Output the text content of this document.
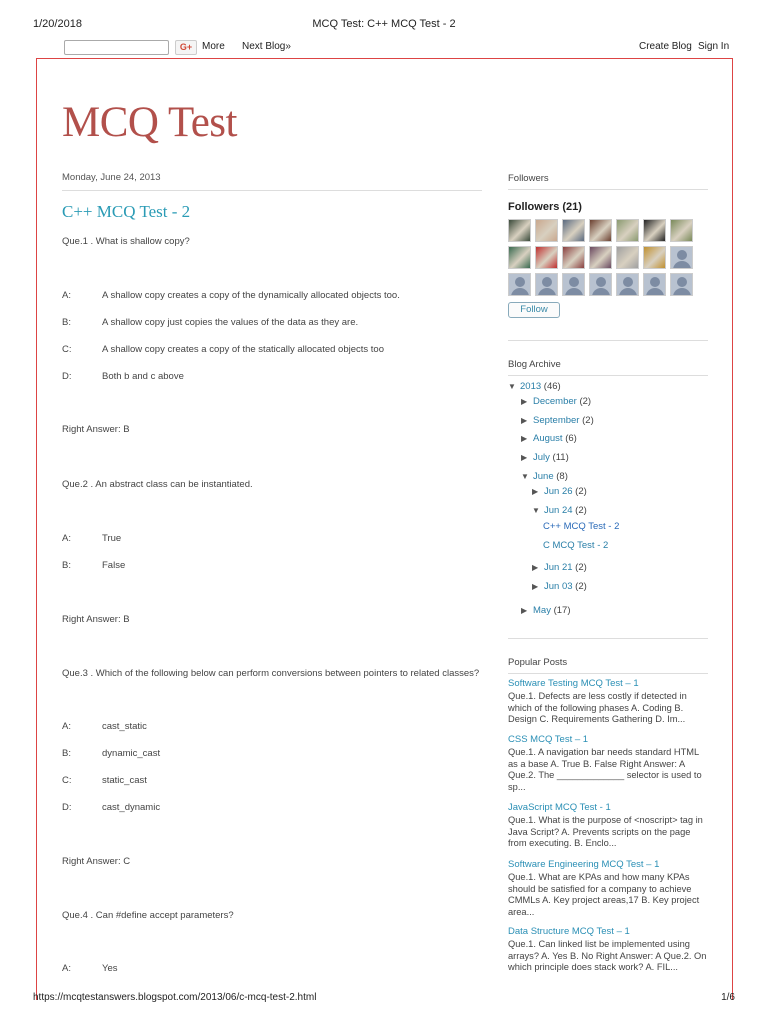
1/20/2018	MCQ Test: C++ MCQ Test - 2
G+ More Next Blog»	Create Blog Sign In
MCQ Test
Monday, June 24, 2013
C++ MCQ Test - 2
Que.1 . What is shallow copy?
A:	A shallow copy creates a copy of the dynamically allocated objects too.
B:	A shallow copy just copies the values of the data as they are.
C:	A shallow copy creates a copy of the statically allocated objects too
D:	Both b and c above
Right Answer: B
Que.2 . An abstract class can be instantiated.
A:	True
B:	False
Right Answer: B
Que.3 . Which of the following below can perform conversions between pointers to related classes?
A:	cast_static
B:	dynamic_cast
C:	static_cast
D:	cast_dynamic
Right Answer: C
Que.4 . Can #define accept parameters?
A:	Yes
Followers
Followers (21)
Follow
Blog Archive
▼ 2013 (46)
▶ December (2)
▶ September (2)
▶ August (6)
▶ July (11)
▼ June (8)
▶ Jun 26 (2)
▼ Jun 24 (2)
C++ MCQ Test - 2
C MCQ Test - 2
▶ Jun 21 (2)
▶ Jun 03 (2)
▶ May (17)
Popular Posts
Software Testing MCQ Test – 1
Que.1. Defects are less costly if detected in which of the following phases A. Coding B. Design C. Requirements Gathering D. Im...
CSS MCQ Test – 1
Que.1. A navigation bar needs standard HTML as a base A. True B. False Right Answer: A Que.2. The _____________ selector is used to sp...
JavaScript MCQ Test - 1
Que.1. What is the purpose of <noscript> tag in Java Script? A. Prevents scripts on the page from executing. B. Enclo...
Software Engineering MCQ Test – 1
Que.1. What are KPAs and how many KPAs should be satisfied for a company to achieve CMMLs A. Key project areas,17 B. Key project area...
Data Structure MCQ Test – 1
Que.1. Can linked list be implemented using arrays? A. Yes B. No Right Answer: A Que.2. On which principle does stack work? A. FIL...
https://mcqtestanswers.blogspot.com/2013/06/c-mcq-test-2.html	1/6
